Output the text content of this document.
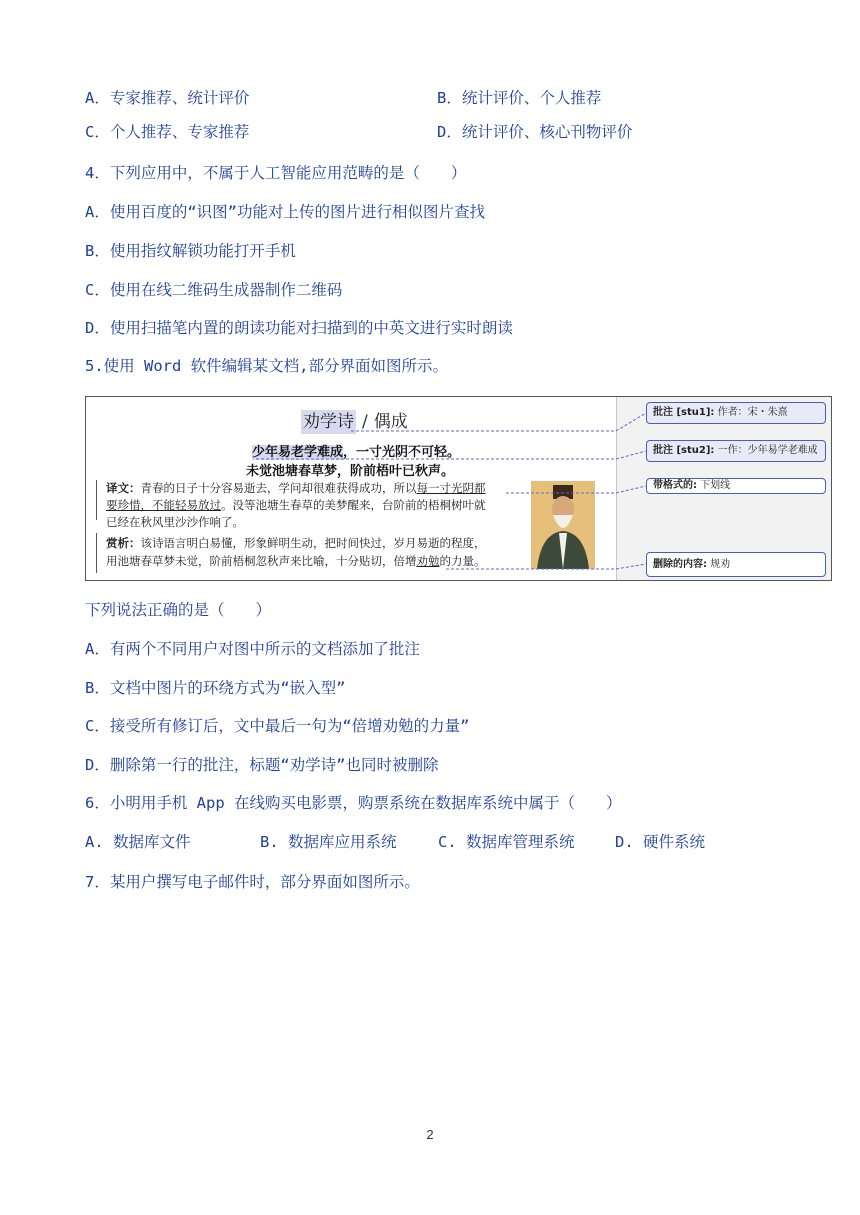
A．专家推荐、统计评价	B．统计评价、个人推荐
C．个人推荐、专家推荐	D．统计评价、核心刊物评价
4．下列应用中，不属于人工智能应用范畴的是（　　）
A．使用百度的“识图”功能对上传的图片进行相似图片查找
B．使用指纹解锁功能打开手机
C．使用在线二维码生成器制作二维码
D．使用扫描笔内置的朗读功能对扫描到的中英文进行实时朗读
5.使用 Word 软件编辑某文档,部分界面如图所示。
劝学诗 / 偶成
少年易老学难成，一寸光阴不可轻。
未觉池塘春草梦，阶前梧叶已秋声。
译文：青春的日子十分容易逝去，学问却很难获得成功，所以每一寸光阴都
要珍惜，不能轻易放过。没等池塘生春草的美梦醒来，台阶前的梧桐树叶就
已经在秋风里沙沙作响了。
赏析：该诗语言明白易懂，形象鲜明生动，把时间快过，岁月易逝的程度，
用池塘春草梦未觉，阶前梧桐忽秋声来比喻，十分贴切，倍增劝勉的力量。
批注 [stu1]: 作者：宋・朱熹
批注 [stu2]: 一作：少年易学老难成
带格式的: 下划线
删除的内容: 规劝
下列说法正确的是（　　）
A．有两个不同用户对图中所示的文档添加了批注
B．文档中图片的环绕方式为“嵌入型”
C．接受所有修订后，文中最后一句为“倍增劝勉的力量”
D．删除第一行的批注，标题“劝学诗”也同时被删除
6．小明用手机 App 在线购买电影票，购票系统在数据库系统中属于（　　）
A. 数据库文件	B. 数据库应用系统	C. 数据库管理系统	D. 硬件系统
7．某用户撰写电子邮件时，部分界面如图所示。
2
